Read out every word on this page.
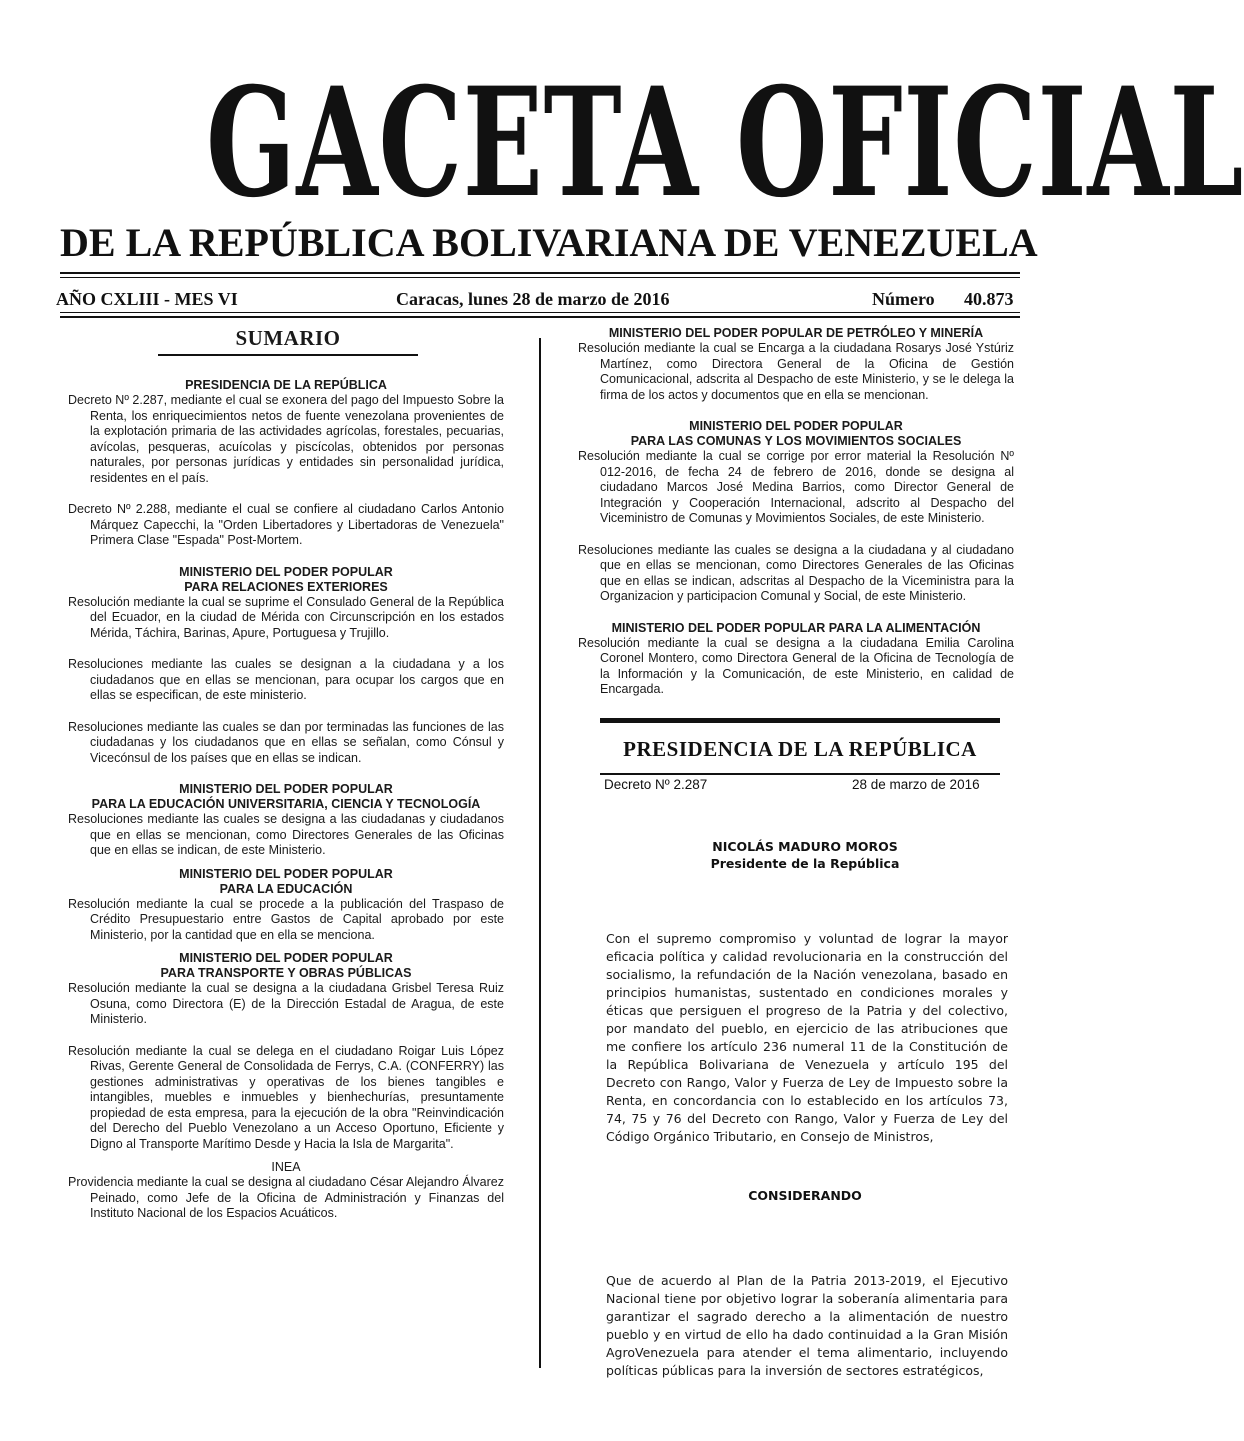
GACETA OFICIAL
DE LA REPÚBLICA BOLIVARIANA DE VENEZUELA
AÑO CXLIII - MES VI	Caracas, lunes 28 de marzo de 2016	Número 40.873
SUMARIO

PRESIDENCIA DE LA REPÚBLICA

Decreto Nº 2.287, mediante el cual se exonera del pago del Impuesto Sobre la Renta, los enriquecimientos netos de fuente venezolana provenientes de la explotación primaria de las actividades agrícolas, forestales, pecuarias, avícolas, pesqueras, acuícolas y piscícolas, obtenidos por personas naturales, por personas jurídicas y entidades sin personalidad jurídica, residentes en el país.

Decreto Nº 2.288, mediante el cual se confiere al ciudadano Carlos Antonio Márquez Capecchi, la "Orden Libertadores y Libertadoras de Venezuela" Primera Clase "Espada" Post-Mortem.

MINISTERIO DEL PODER POPULAR

PARA RELACIONES EXTERIORES

Resolución mediante la cual se suprime el Consulado General de la República del Ecuador, en la ciudad de Mérida con Circunscripción en los estados Mérida, Táchira, Barinas, Apure, Portuguesa y Trujillo.

Resoluciones mediante las cuales se designan a la ciudadana y a los ciudadanos que en ellas se mencionan, para ocupar los cargos que en ellas se especifican, de este ministerio.

Resoluciones mediante las cuales se dan por terminadas las funciones de las ciudadanas y los ciudadanos que en ellas se señalan, como Cónsul y Vicecónsul de los países que en ellas se indican.

MINISTERIO DEL PODER POPULAR

PARA LA EDUCACIÓN UNIVERSITARIA, CIENCIA Y TECNOLOGÍA

Resoluciones mediante las cuales se designa a las ciudadanas y ciudadanos que en ellas se mencionan, como Directores Generales de las Oficinas que en ellas se indican, de este Ministerio.

MINISTERIO DEL PODER POPULAR

PARA LA EDUCACIÓN

Resolución mediante la cual se procede a la publicación del Traspaso de Crédito Presupuestario entre Gastos de Capital aprobado por este Ministerio, por la cantidad que en ella se menciona.

MINISTERIO DEL PODER POPULAR

PARA TRANSPORTE Y OBRAS PÚBLICAS

Resolución mediante la cual se designa a la ciudadana Grisbel Teresa Ruiz Osuna, como Directora (E) de la Dirección Estadal de Aragua, de este Ministerio.

Resolución mediante la cual se delega en el ciudadano Roigar Luis López Rivas, Gerente General de Consolidada de Ferrys, C.A. (CONFERRY) las gestiones administrativas y operativas de los bienes tangibles e intangibles, muebles e inmuebles y bienhechurías, presuntamente propiedad de esta empresa, para la ejecución de la obra "Reinvindicación del Derecho del Pueblo Venezolano a un Acceso Oportuno, Eficiente y Digno al Transporte Marítimo Desde y Hacia la Isla de Margarita".

INEA

Providencia mediante la cual se designa al ciudadano César Alejandro Álvarez Peinado, como Jefe de la Oficina de Administración y Finanzas del Instituto Nacional de los Espacios Acuáticos.

MINISTERIO DEL PODER POPULAR DE PETRÓLEO Y MINERÍA

Resolución mediante la cual se Encarga a la ciudadana Rosarys José Ystúriz Martínez, como Directora General de la Oficina de Gestión Comunicacional, adscrita al Despacho de este Ministerio, y se le delega la firma de los actos y documentos que en ella se mencionan.

MINISTERIO DEL PODER POPULAR

PARA LAS COMUNAS Y LOS MOVIMIENTOS SOCIALES

Resolución mediante la cual se corrige por error material la Resolución Nº 012-2016, de fecha 24 de febrero de 2016, donde se designa al ciudadano Marcos José Medina Barrios, como Director General de Integración y Cooperación Internacional, adscrito al Despacho del Viceministro de Comunas y Movimientos Sociales, de este Ministerio.

Resoluciones mediante las cuales se designa a la ciudadana y al ciudadano que en ellas se mencionan, como Directores Generales de las Oficinas que en ellas se indican, adscritas al Despacho de la Viceministra para la Organizacion y participacion Comunal y Social, de este Ministerio.

MINISTERIO DEL PODER POPULAR PARA LA ALIMENTACIÓN

Resolución mediante la cual se designa a la ciudadana Emilia Carolina Coronel Montero, como Directora General de la Oficina de Tecnología de la Información y la Comunicación, de este Ministerio, en calidad de Encargada.

PRESIDENCIA DE LA REPÚBLICA
Decreto Nº 2.287	28 de marzo de 2016
NICOLÁS MADURO MOROS
Presidente de la República
Con el supremo compromiso y voluntad de lograr la mayor eficacia política y calidad revolucionaria en la construcción del socialismo, la refundación de la Nación venezolana, basado en principios humanistas, sustentado en condiciones morales y éticas que persiguen el progreso de la Patria y del colectivo, por mandato del pueblo, en ejercicio de las atribuciones que me confiere los artículo 236 numeral 11 de la Constitución de la República Bolivariana de Venezuela y artículo 195 del Decreto con Rango, Valor y Fuerza de Ley de Impuesto sobre la Renta, en concordancia con lo establecido en los artículos 73, 74, 75 y 76 del Decreto con Rango, Valor y Fuerza de Ley del Código Orgánico Tributario, en Consejo de Ministros,
CONSIDERANDO
Que de acuerdo al Plan de la Patria 2013-2019, el Ejecutivo Nacional tiene por objetivo lograr la soberanía alimentaria para garantizar el sagrado derecho a la alimentación de nuestro pueblo y en virtud de ello ha dado continuidad a la Gran Misión AgroVenezuela para atender el tema alimentario, incluyendo políticas públicas para la inversión de sectores estratégicos,
